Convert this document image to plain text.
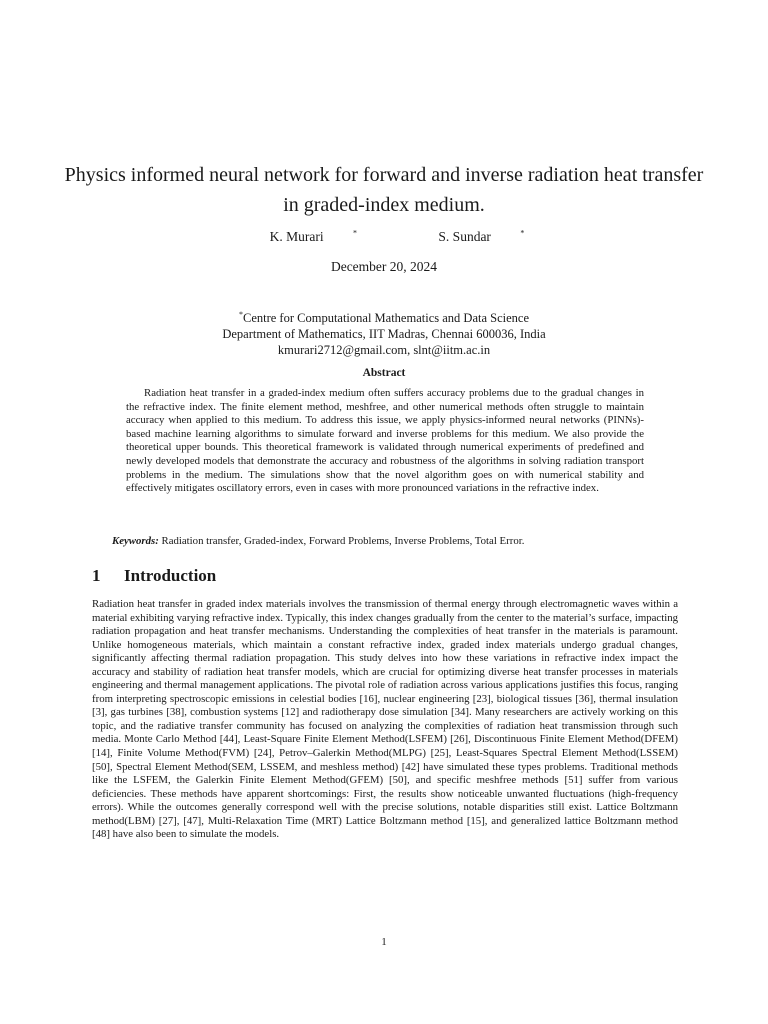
Physics informed neural network for forward and inverse radiation heat transfer in graded-index medium.
K. Murari	*	S. Sundar	*
December 20, 2024
*Centre for Computational Mathematics and Data Science
Department of Mathematics, IIT Madras, Chennai 600036, India
kmurari2712@gmail.com, slnt@iitm.ac.in
Abstract
Radiation heat transfer in a graded-index medium often suffers accuracy problems due to the gradual changes in the refractive index. The finite element method, meshfree, and other numerical methods often struggle to maintain accuracy when applied to this medium. To address this issue, we apply physics-informed neural networks (PINNs)-based machine learning algorithms to simulate forward and inverse problems for this medium. We also provide the theoretical upper bounds. This theoretical framework is validated through numerical experiments of predefined and newly developed models that demonstrate the accuracy and robustness of the algorithms in solving radiation transport problems in the medium. The simulations show that the novel algorithm goes on with numerical stability and effectively mitigates oscillatory errors, even in cases with more pronounced variations in the refractive index.
Keywords: Radiation transfer, Graded-index, Forward Problems, Inverse Problems, Total Error.
1 Introduction
Radiation heat transfer in graded index materials involves the transmission of thermal energy through electromagnetic waves within a material exhibiting varying refractive index. Typically, this index changes gradually from the center to the material’s surface, impacting radiation propagation and heat transfer mechanisms. Understanding the complexities of heat transfer in the materials is paramount. Unlike homogeneous materials, which maintain a constant refractive index, graded index materials undergo gradual changes, significantly affecting thermal radiation propagation. This study delves into how these variations in refractive index impact the accuracy and stability of radiation heat transfer models, which are crucial for optimizing diverse heat transfer processes in materials engineering and thermal management applications. The pivotal role of radiation across various applications justifies this focus, ranging from interpreting spectroscopic emissions in celestial bodies [16], nuclear engineering [23], biological tissues [36], thermal insulation [3], gas turbines [38], combustion systems [12] and radiotherapy dose simulation [34]. Many researchers are actively working on this topic, and the radiative transfer community has focused on analyzing the complexities of radiation heat transmission through such media. Monte Carlo Method [44], Least-Square Finite Element Method(LSFEM) [26], Discontinuous Finite Element Method(DFEM) [14], Finite Volume Method(FVM) [24], Petrov–Galerkin Method(MLPG) [25], Least-Squares Spectral Element Method(LSSEM) [50], Spectral Element Method(SEM, LSSEM, and meshless method) [42] have simulated these types problems. Traditional methods like the LSFEM, the Galerkin Finite Element Method(GFEM) [50], and specific meshfree methods [51] suffer from various deficiencies. These methods have apparent shortcomings: First, the results show noticeable unwanted fluctuations (high-frequency errors). While the outcomes generally correspond well with the precise solutions, notable disparities still exist. Lattice Boltzmann method(LBM) [27], [47], Multi-Relaxation Time (MRT) Lattice Boltzmann method [15], and generalized lattice Boltzmann method [48] have also been to simulate the models.
1
